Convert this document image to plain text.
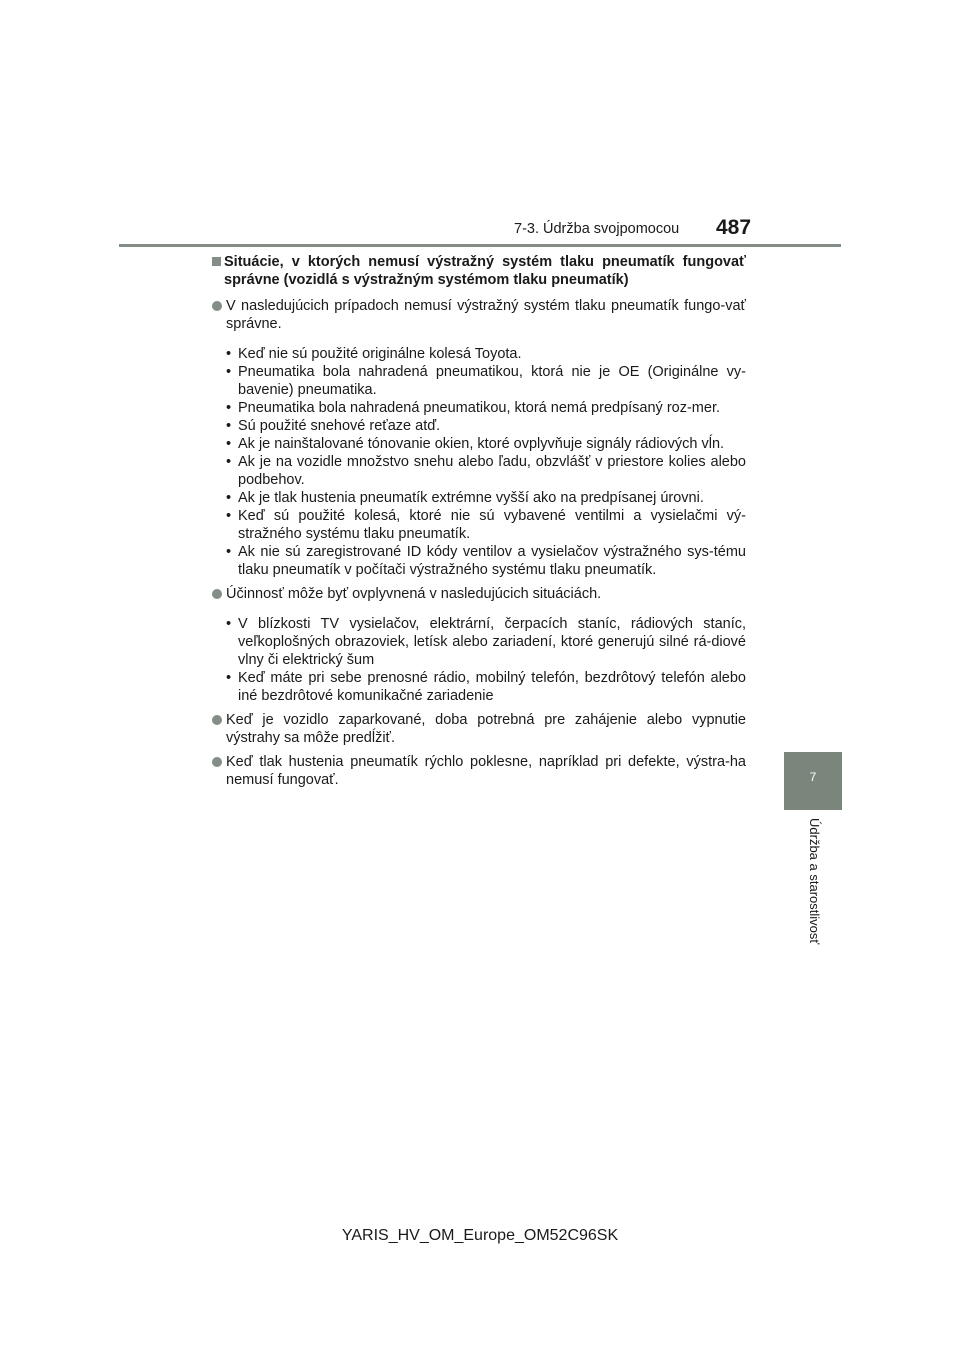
7-3. Údržba svojpomocou 487
7
Údržba a starostlivosť
Situácie, v ktorých nemusí výstražný systém tlaku pneumatík fungovať správne (vozidlá s výstražným systémom tlaku pneumatík)
V nasledujúcich prípadoch nemusí výstražný systém tlaku pneumatík fungo-vať správne.
• Keď nie sú použité originálne kolesá Toyota.
• Pneumatika bola nahradená pneumatikou, ktorá nie je OE (Originálne vy-bavenie) pneumatika.
• Pneumatika bola nahradená pneumatikou, ktorá nemá predpísaný roz-mer.
• Sú použité snehové reťaze atď.
• Ak je nainštalované tónovanie okien, ktoré ovplyvňuje signály rádiových vĺn.
• Ak je na vozidle množstvo snehu alebo ľadu, obzvlášť v priestore kolies alebo podbehov.
• Ak je tlak hustenia pneumatík extrémne vyšší ako na predpísanej úrovni.
• Keď sú použité kolesá, ktoré nie sú vybavené ventilmi a vysielačmi vý-stražného systému tlaku pneumatík.
• Ak nie sú zaregistrované ID kódy ventilov a vysielačov výstražného sys-tému tlaku pneumatík v počítači výstražného systému tlaku pneumatík.
Účinnosť môže byť ovplyvnená v nasledujúcich situáciách.
• V blízkosti TV vysielačov, elektrární, čerpacích staníc, rádiových staníc, veľkoplošných obrazoviek, letísk alebo zariadení, ktoré generujú silné rá-diové vlny či elektrický šum
• Keď máte pri sebe prenosné rádio, mobilný telefón, bezdrôtový telefón alebo iné bezdrôtové komunikačné zariadenie
Keď je vozidlo zaparkované, doba potrebná pre zahájenie alebo vypnutie výstrahy sa môže predĺžiť.
Keď tlak hustenia pneumatík rýchlo poklesne, napríklad pri defekte, výstra-ha nemusí fungovať.
YARIS_HV_OM_Europe_OM52C96SK
